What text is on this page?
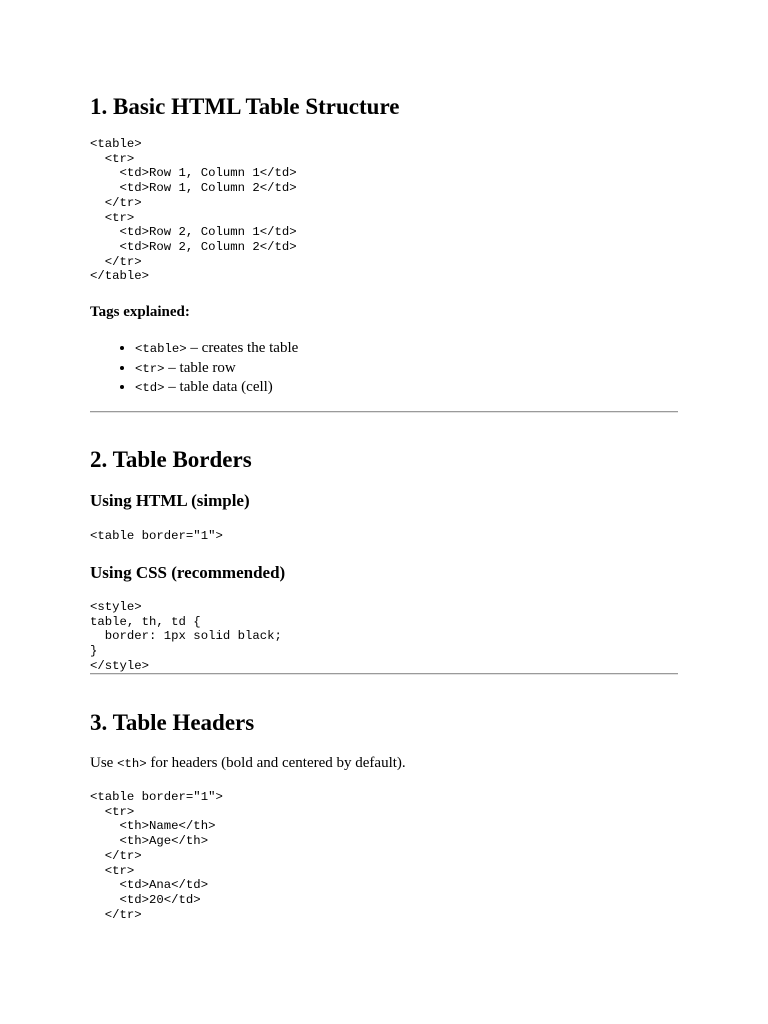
1. Basic HTML Table Structure
<table>
<tr>
<td>Row 1, Column 1</td>
<td>Row 1, Column 2</td>
</tr>
<tr>
<td>Row 2, Column 1</td>
<td>Row 2, Column 2</td>
</tr>
</table>

Tags explained:

• <table> – creates the table
• <tr> – table row
• <td> – table data (cell)
2. Table Borders
Using HTML (simple)
<table border="1">
Using CSS (recommended)
<style>
table, th, td {
border: 1px solid black;
}
</style>
3. Table Headers

Use <th> for headers (bold and centered by default).

<table border="1">
<tr>
<th>Name</th>
<th>Age</th>
</tr>
<tr>
<td>Ana</td>
<td>20</td>
</tr>
